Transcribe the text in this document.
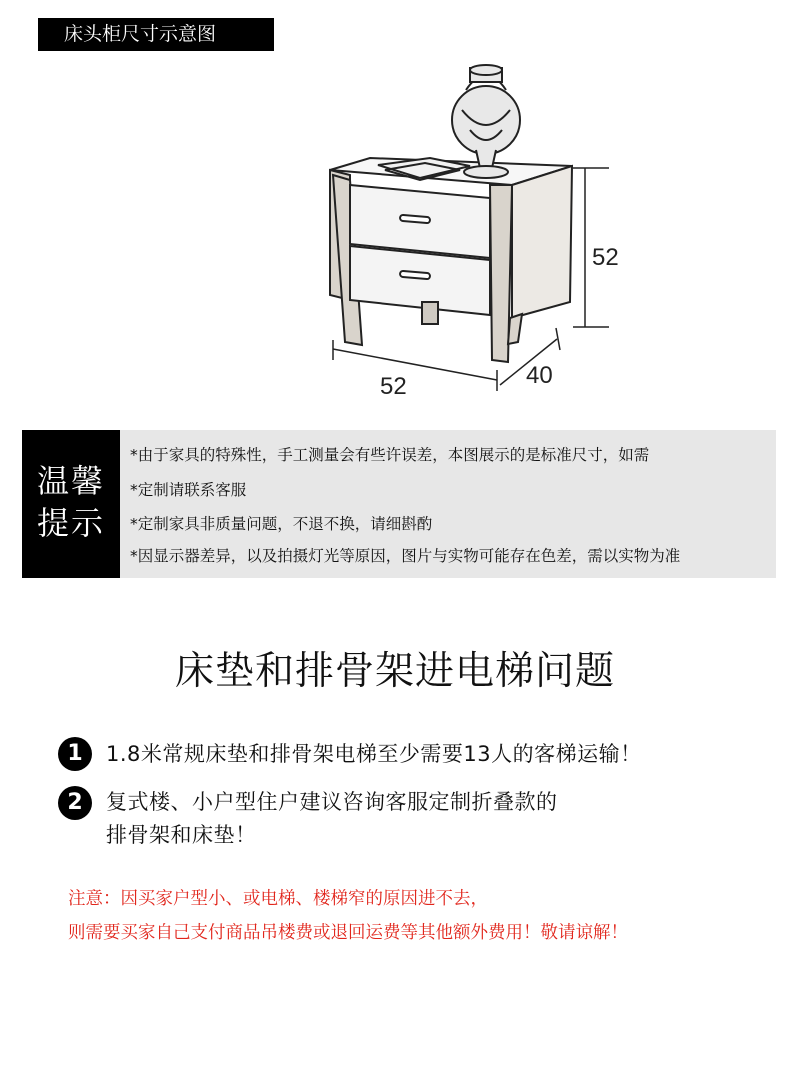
床头柜尺寸示意图
52
52	40
温馨
提示
*由于家具的特殊性，手工测量会有些许误差，本图展示的是标准尺寸，如需
*定制请联系客服
*定制家具非质量问题，不退不换，请细斟酌
*因显示器差异，以及拍摄灯光等原因，图片与实物可能存在色差，需以实物为准
床垫和排骨架进电梯问题
1	1.8米常规床垫和排骨架电梯至少需要13人的客梯运输！
2	复式楼、小户型住户建议咨询客服定制折叠款的
排骨架和床垫！
注意：因买家户型小、或电梯、楼梯窄的原因进不去，
则需要买家自己支付商品吊楼费或退回运费等其他额外费用！敬请谅解！
